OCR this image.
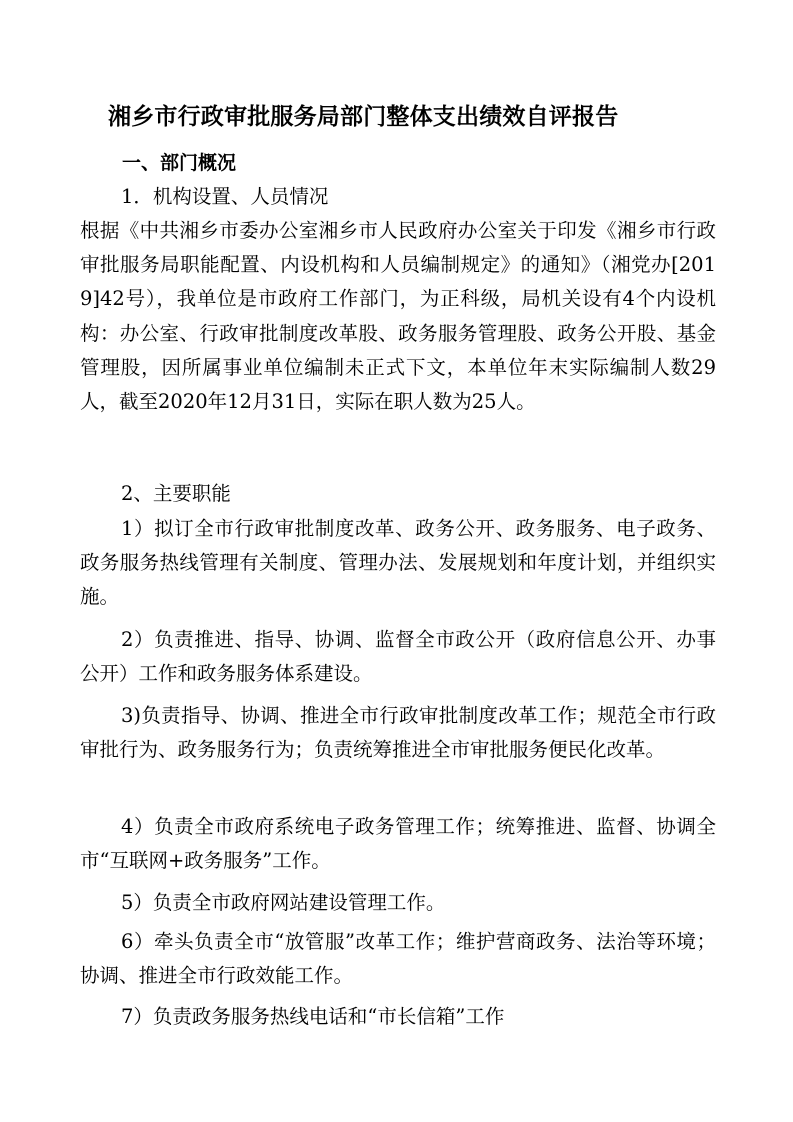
湘乡市行政审批服务局部门整体支出绩效自评报告
一、部门概况
1．机构设置、人员情况
根据《中共湘乡市委办公室湘乡市人民政府办公室关于印发《湘乡市行政审批服务局职能配置、内设机构和人员编制规定》的通知》（湘党办[2019]42号），我单位是市政府工作部门，为正科级，局机关设有4个内设机构：办公室、行政审批制度改革股、政务服务管理股、政务公开股、基金管理股，因所属事业单位编制未正式下文，本单位年末实际编制人数29人，截至2020年12月31日，实际在职人数为25人。
2、主要职能
1）拟订全市行政审批制度改革、政务公开、政务服务、电子政务、政务服务热线管理有关制度、管理办法、发展规划和年度计划，并组织实施。
2）负责推进、指导、协调、监督全市政公开（政府信息公开、办事公开）工作和政务服务体系建设。
3)负责指导、协调、推进全市行政审批制度改革工作；规范全市行政审批行为、政务服务行为；负责统筹推进全市审批服务便民化改革。
4）负责全市政府系统电子政务管理工作；统筹推进、监督、协调全市“互联网+政务服务”工作。
5）负责全市政府网站建设管理工作。
6）牵头负责全市“放管服”改革工作；维护营商政务、法治等环境；协调、推进全市行政效能工作。
7）负责政务服务热线电话和“市长信箱”工作
